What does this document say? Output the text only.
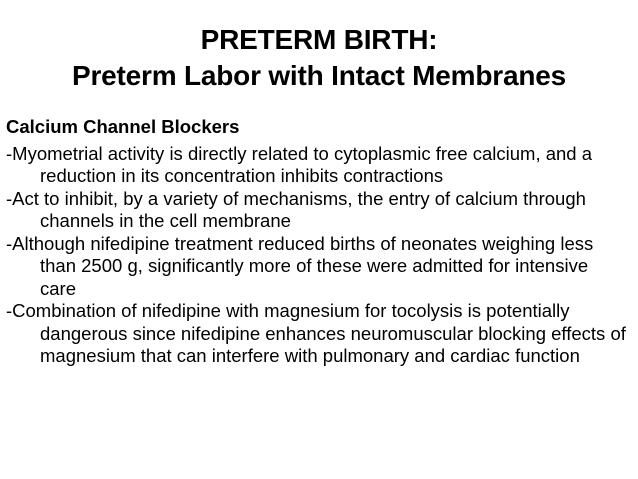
PRETERM BIRTH:
Preterm Labor with Intact Membranes
Calcium Channel Blockers
-Myometrial activity is directly related to cytoplasmic free calcium, and a reduction in its concentration inhibits contractions
-Act to inhibit, by a variety of mechanisms, the entry of calcium through channels in the cell membrane
-Although nifedipine treatment reduced births of neonates weighing less than 2500 g, significantly more of these were admitted for intensive care
-Combination of nifedipine with magnesium for tocolysis is potentially dangerous since nifedipine enhances neuromuscular blocking effects of magnesium that can interfere with pulmonary and cardiac function
